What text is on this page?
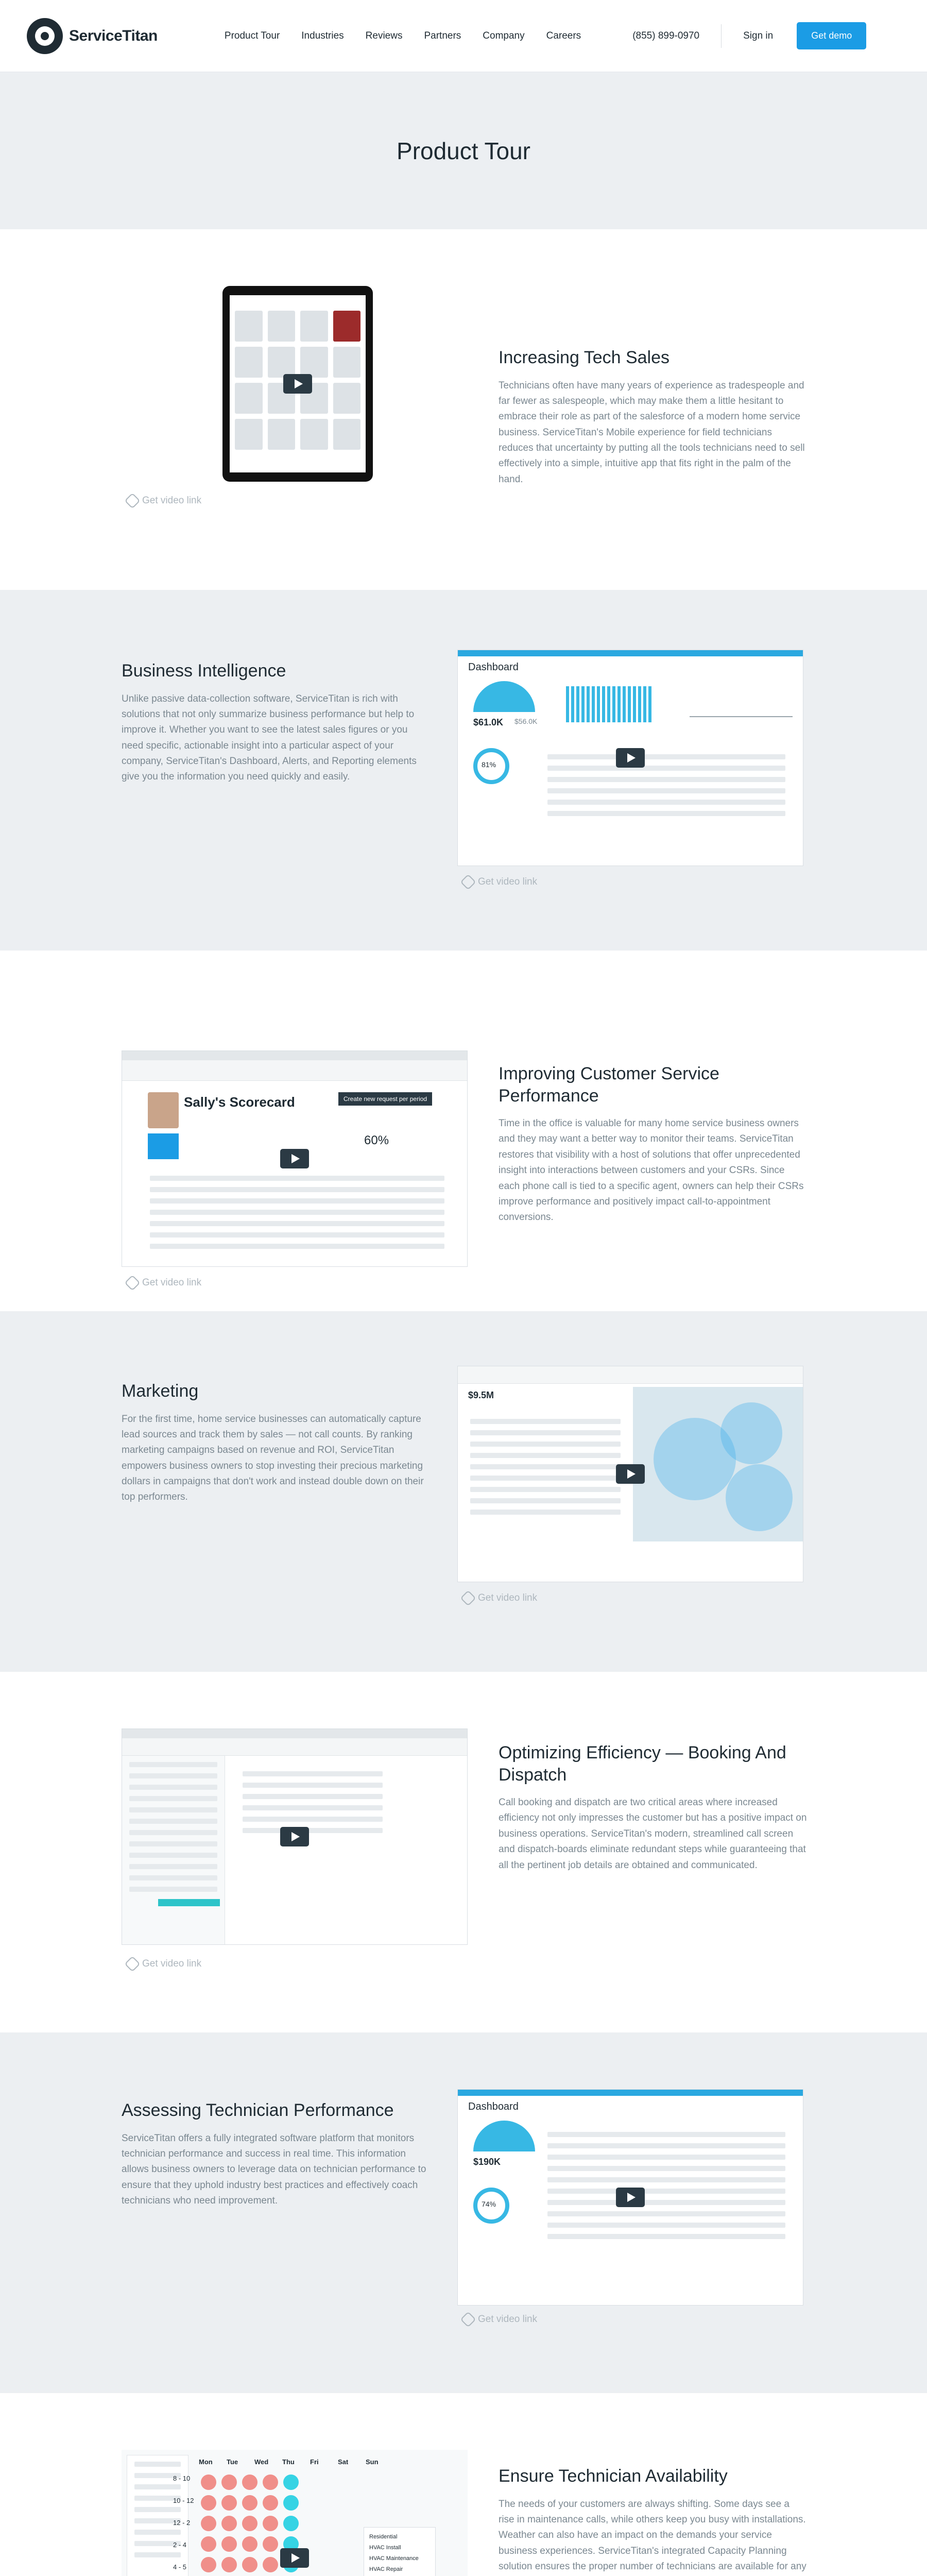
ServiceTitan	Product Tour Industries Reviews Partners Company Careers	(855) 899-0970	Sign in	Get demo
Product Tour
Get video link
Increasing Tech Sales

Technicians often have many years of experience as tradespeople and far fewer as salespeople, which may make them a little hesitant to embrace their role as part of the salesforce of a modern home service business. ServiceTitan's Mobile experience for field technicians reduces that uncertainty by putting all the tools technicians need to sell effectively into a simple, intuitive app that fits right in the palm of the hand.

Business Intelligence

Unlike passive data-collection software, ServiceTitan is rich with solutions that not only summarize business performance but help to improve it. Whether you want to see the latest sales figures or you need specific, actionable insight into a particular aspect of your company, ServiceTitan's Dashboard, Alerts, and Reporting elements give you the information you need quickly and easily.

Dashboard
$61.0K $56.0K
81%
Get video link
Sally's Scorecard	Create new request per period
60%
Get video link
Improving Customer Service Performance

Time in the office is valuable for many home service business owners and they may want a better way to monitor their teams. ServiceTitan restores that visibility with a host of solutions that offer unprecedented insight into interactions between customers and your CSRs. Since each phone call is tied to a specific agent, owners can help their CSRs improve performance and positively impact call-to-appointment conversions.

Marketing

For the first time, home service businesses can automatically capture lead sources and track them by sales — not call counts. By ranking marketing campaigns based on revenue and ROI, ServiceTitan empowers business owners to stop investing their precious marketing dollars in campaigns that don't work and instead double down on their top performers.

$9.5M
Get video link
Get video link
Optimizing Efficiency — Booking And Dispatch

Call booking and dispatch are two critical areas where increased efficiency not only impresses the customer but has a positive impact on business operations. ServiceTitan's modern, streamlined call screen and dispatch-boards eliminate redundant steps while guaranteeing that all the pertinent job details are obtained and communicated.

Assessing Technician Performance

ServiceTitan offers a fully integrated software platform that monitors technician performance and success in real time. This information allows business owners to leverage data on technician performance to ensure that they uphold industry best practices and effectively coach technicians who need improvement.

Dashboard
$190K
74%
Get video link
Mon	Tue	Wed	Thu	Fri	Sat	Sun
8 - 10
10 - 12
12 - 2
2 - 4
4 - 5
Residential
HVAC Install
HVAC Maintenance
HVAC Repair
Ensure Technician Availability

The needs of your customers are always shifting. Some days see a rise in maintenance calls, while others keep you busy with installations. Weather can also have an impact on the demands your service business experiences. ServiceTitan's integrated Capacity Planning solution ensures the proper number of technicians are available for any
